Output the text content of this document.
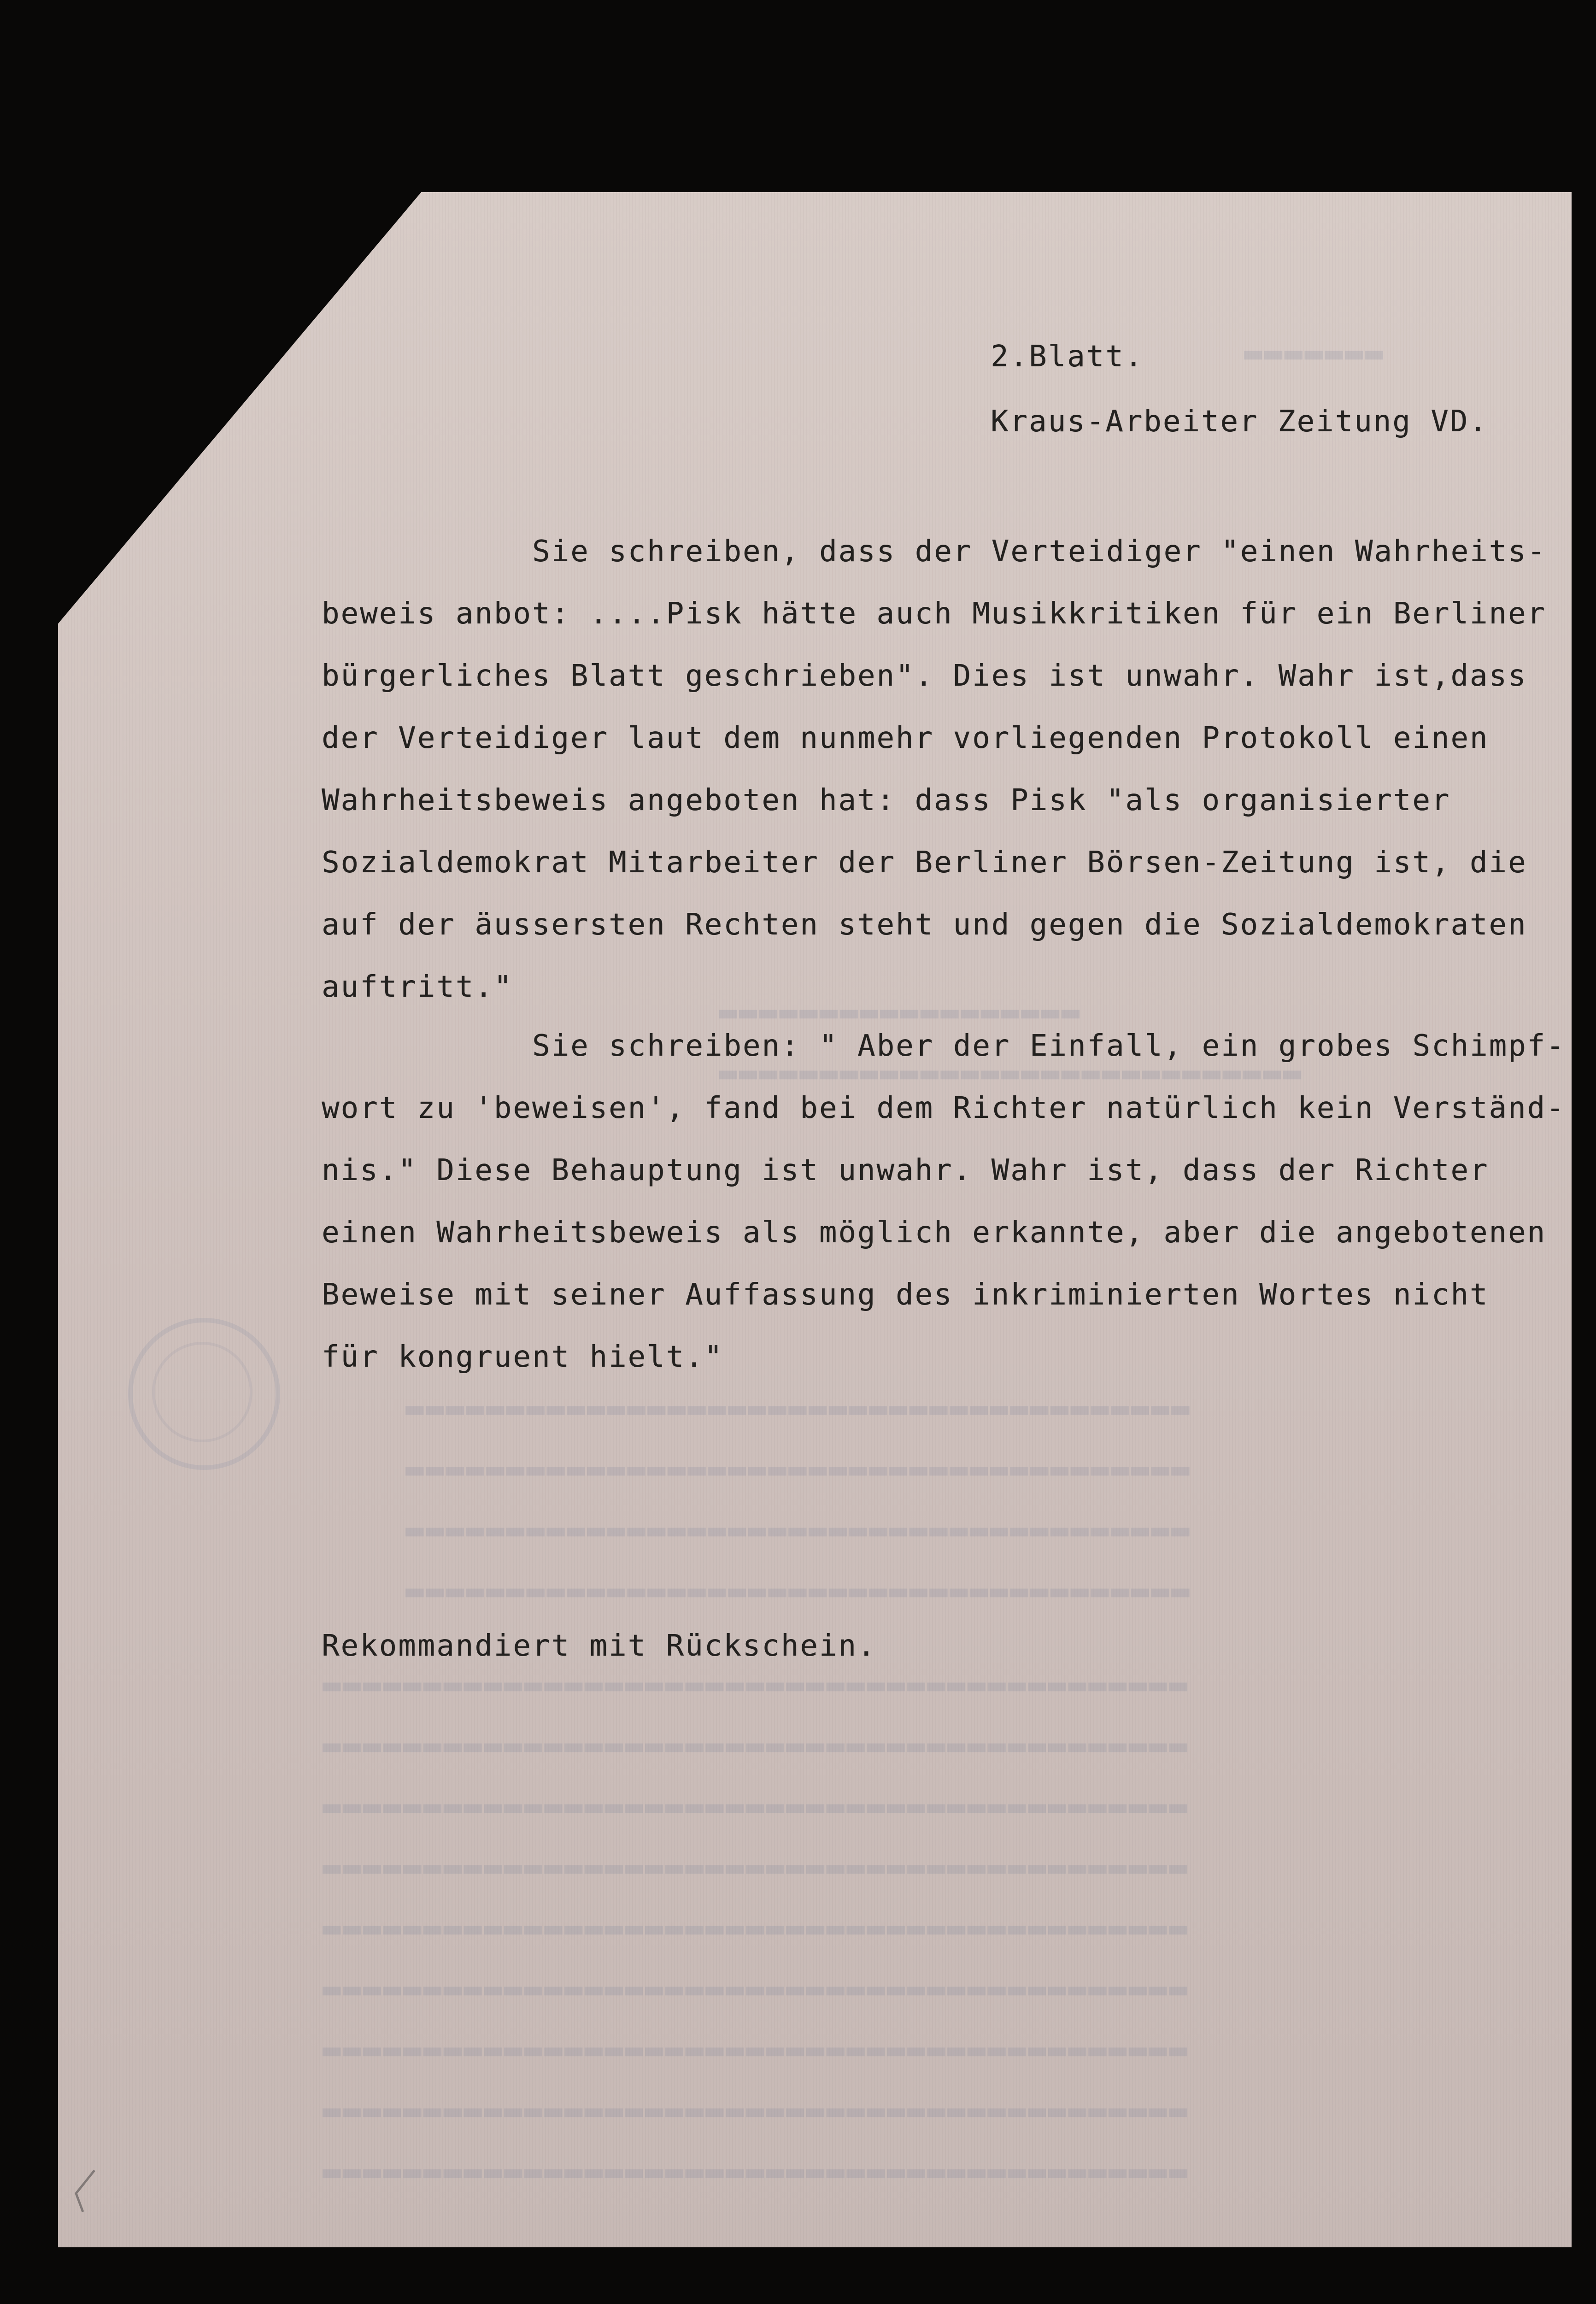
▬▬▬▬▬▬▬
▬▬▬▬▬▬▬▬▬▬▬▬▬▬▬▬▬▬
▬▬▬▬▬▬▬▬▬▬▬▬▬▬▬▬▬▬▬▬▬▬▬▬▬▬▬▬▬
▬▬▬▬▬▬▬▬▬▬▬▬▬▬▬▬▬▬▬▬▬▬▬▬▬▬▬▬▬▬▬▬▬▬▬▬▬▬▬
▬▬▬▬▬▬▬▬▬▬▬▬▬▬▬▬▬▬▬▬▬▬▬▬▬▬▬▬▬▬▬▬▬▬▬▬▬▬▬
▬▬▬▬▬▬▬▬▬▬▬▬▬▬▬▬▬▬▬▬▬▬▬▬▬▬▬▬▬▬▬▬▬▬▬▬▬▬▬
▬▬▬▬▬▬▬▬▬▬▬▬▬▬▬▬▬▬▬▬▬▬▬▬▬▬▬▬▬▬▬▬▬▬▬▬▬▬▬
▬▬▬▬▬▬▬▬▬▬▬▬▬▬▬▬▬▬▬▬▬▬▬▬▬▬▬▬▬▬▬▬▬▬▬▬▬▬▬▬▬▬▬
▬▬▬▬▬▬▬▬▬▬▬▬▬▬▬▬▬▬▬▬▬▬▬▬▬▬▬▬▬▬▬▬▬▬▬▬▬▬▬▬▬▬▬
▬▬▬▬▬▬▬▬▬▬▬▬▬▬▬▬▬▬▬▬▬▬▬▬▬▬▬▬▬▬▬▬▬▬▬▬▬▬▬▬▬▬▬
▬▬▬▬▬▬▬▬▬▬▬▬▬▬▬▬▬▬▬▬▬▬▬▬▬▬▬▬▬▬▬▬▬▬▬▬▬▬▬▬▬▬▬
▬▬▬▬▬▬▬▬▬▬▬▬▬▬▬▬▬▬▬▬▬▬▬▬▬▬▬▬▬▬▬▬▬▬▬▬▬▬▬▬▬▬▬
▬▬▬▬▬▬▬▬▬▬▬▬▬▬▬▬▬▬▬▬▬▬▬▬▬▬▬▬▬▬▬▬▬▬▬▬▬▬▬▬▬▬▬
▬▬▬▬▬▬▬▬▬▬▬▬▬▬▬▬▬▬▬▬▬▬▬▬▬▬▬▬▬▬▬▬▬▬▬▬▬▬▬▬▬▬▬
▬▬▬▬▬▬▬▬▬▬▬▬▬▬▬▬▬▬▬▬▬▬▬▬▬▬▬▬▬▬▬▬▬▬▬▬▬▬▬▬▬▬▬
▬▬▬▬▬▬▬▬▬▬▬▬▬▬▬▬▬▬▬▬▬▬▬▬▬▬▬▬▬▬▬▬▬▬▬▬▬▬▬▬▬▬▬
2.Blatt.
Kraus-Arbeiter Zeitung VD.
Sie schreiben, dass der Verteidiger "einen Wahrheits-
beweis anbot: ....Pisk hätte auch Musikkritiken für ein Berliner
bürgerliches Blatt geschrieben". Dies ist unwahr. Wahr ist,dass
der Verteidiger laut dem nunmehr vorliegenden Protokoll einen
Wahrheitsbeweis angeboten hat: dass Pisk "als organisierter
Sozialdemokrat Mitarbeiter der Berliner Börsen-Zeitung ist, die
auf der äussersten Rechten steht und gegen die Sozialdemokraten
auftritt."
Sie schreiben: " Aber der Einfall, ein grobes Schimpf-
wort zu 'beweisen', fand bei dem Richter natürlich kein Verständ-
nis." Diese Behauptung ist unwahr. Wahr ist, dass der Richter
einen Wahrheitsbeweis als möglich erkannte, aber die angebotenen
Beweise mit seiner Auffassung des inkriminierten Wortes nicht
für kongruent hielt."
Rekommandiert mit Rückschein.
